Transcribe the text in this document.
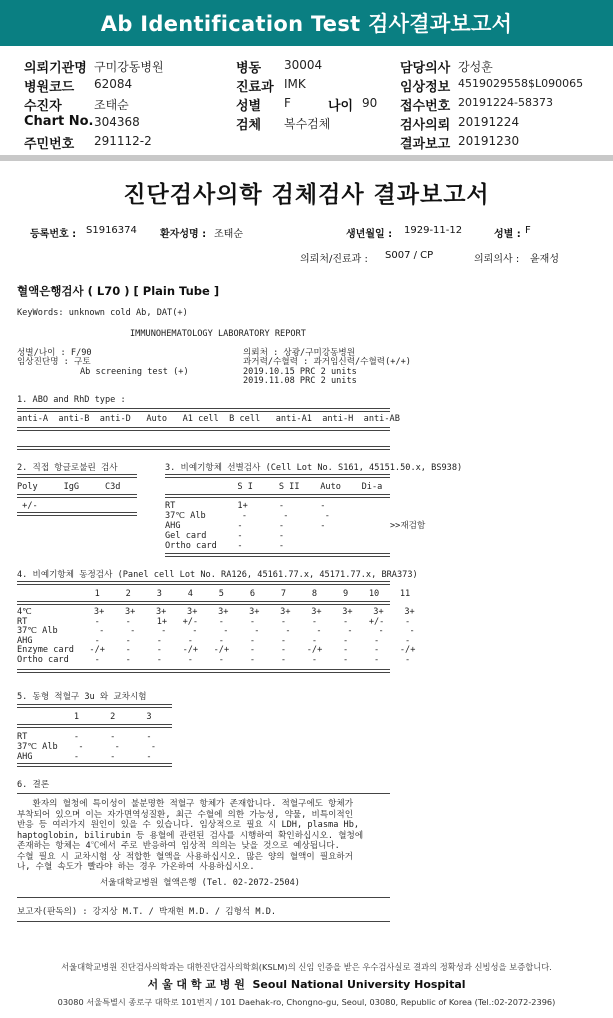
Ab Identification Test 검사결과보고서
의뢰기관명 구미강동병원
병원코드 62084
수진자	조태순
Chart No. 304368
주민번호 291112-2
병동 30004
진료과 IMK
성별 F	나이 90
검체 복수검체
담당의사 강성훈
임상정보 4519029558$L090065
접수번호 20191224-58373
검사의뢰 20191224
결과보고 20191230
진단검사의학 검체검사 결과보고서
등록번호 : S1916374 환자성명 : 조태순	생년월일 : 1929-11-12	성별 : F
의뢰처/진료과 : S007 / CP	의뢰의사 : 윤재성
혈액은행검사 ( L70 ) [ Plain Tube ]
KeyWords: unknown cold Ab, DAT(+)
IMMUNOHEMATOLOGY LABORATORY REPORT
성별/나이 : F/90
임상진단명 : 구토
Ab screening test (+)
의뢰처 : 상광/구미강동병원
과거력/수혈력 : 과거임신력/수혈력(+/+)
2019.10.15 PRC 2 units
2019.11.08 PRC 2 units
1. ABO and RhD type :
anti-A  anti-B  anti-D   Auto   A1 cell  B cell   anti-A1  anti-H  anti-AB
2. 직접 항글로불린 검사
Poly     IgG     C3d
+/-
3. 비예기항체 선별검사 (Cell Lot No. S161, 45151.50.x, BS938)
S I     S II    Auto    Di-a
RT            1+      -       -
37℃ Alb       -       -       -
AHG           -       -       -
Gel card      -       -
Ortho card    -       -
>>재검함
4. 비예기항체 동정검사 (Panel cell Lot No. RA126, 45161.77.x, 45171.77.x, BRA373)
1     2     3     4     5     6     7     8     9    10    11
4℃            3+    3+    3+    3+    3+    3+    3+    3+    3+    3+    3+
RT             -     -     1+   +/-    -     -     -     -     -    +/-    -
37℃ Alb        -     -     -     -     -     -     -     -     -     -     -
AHG            -     -     -     -     -     -     -     -     -     -     -
Enzyme card   -/+    -     -    -/+   -/+    -     -    -/+    -     -    -/+
Ortho card     -     -     -     -     -     -     -     -     -     -     -
5. 동형 적혈구 3u 와 교차시험
1      2      3
RT         -      -      -
37℃ Alb    -      -      -
AHG        -      -      -
6. 결론
환자의 혈청에 특이성이 불분명한 적혈구 항체가 존재합니다. 적혈구에도 항체가
부착되어 있으며 이는 자가면역성질환, 최근 수혈에 의한 가능성, 약물, 비특이적인
반응 등 여러가지 원인이 있을 수 있습니다. 임상적으로 필요 시 LDH, plasma Hb,
haptoglobin, bilirubin 등 용혈에 관련된 검사를 시행하여 확인하십시오. 혈청에
존재하는 항체는 4℃에서 주로 반응하여 임상적 의의는 낮을 것으로 예상됩니다.
수혈 필요 시 교차시험 상 적합한 혈액을 사용하십시오. 많은 양의 혈액이 필요하거
나, 수혈 속도가 빨라야 하는 경우 가온하여 사용하십시오.
서울대학교병원 혈액은행 (Tel. 02-2072-2504)
보고자(판독의) : 강지상 M.T. / 박재현 M.D. / 김형석 M.D.
서울대학교병원 진단검사의학과는 대한진단검사의학회(KSLM)의 신임 인증을 받은 우수검사실로 결과의 정확성과 신빙성을 보증합니다.
서 울 대 학 교 병 원  Seoul National University Hospital
03080 서울특별시 종로구 대학로 101번지 / 101 Daehak-ro, Chongno-gu, Seoul, 03080, Republic of Korea (Tel.:02-2072-2396)
